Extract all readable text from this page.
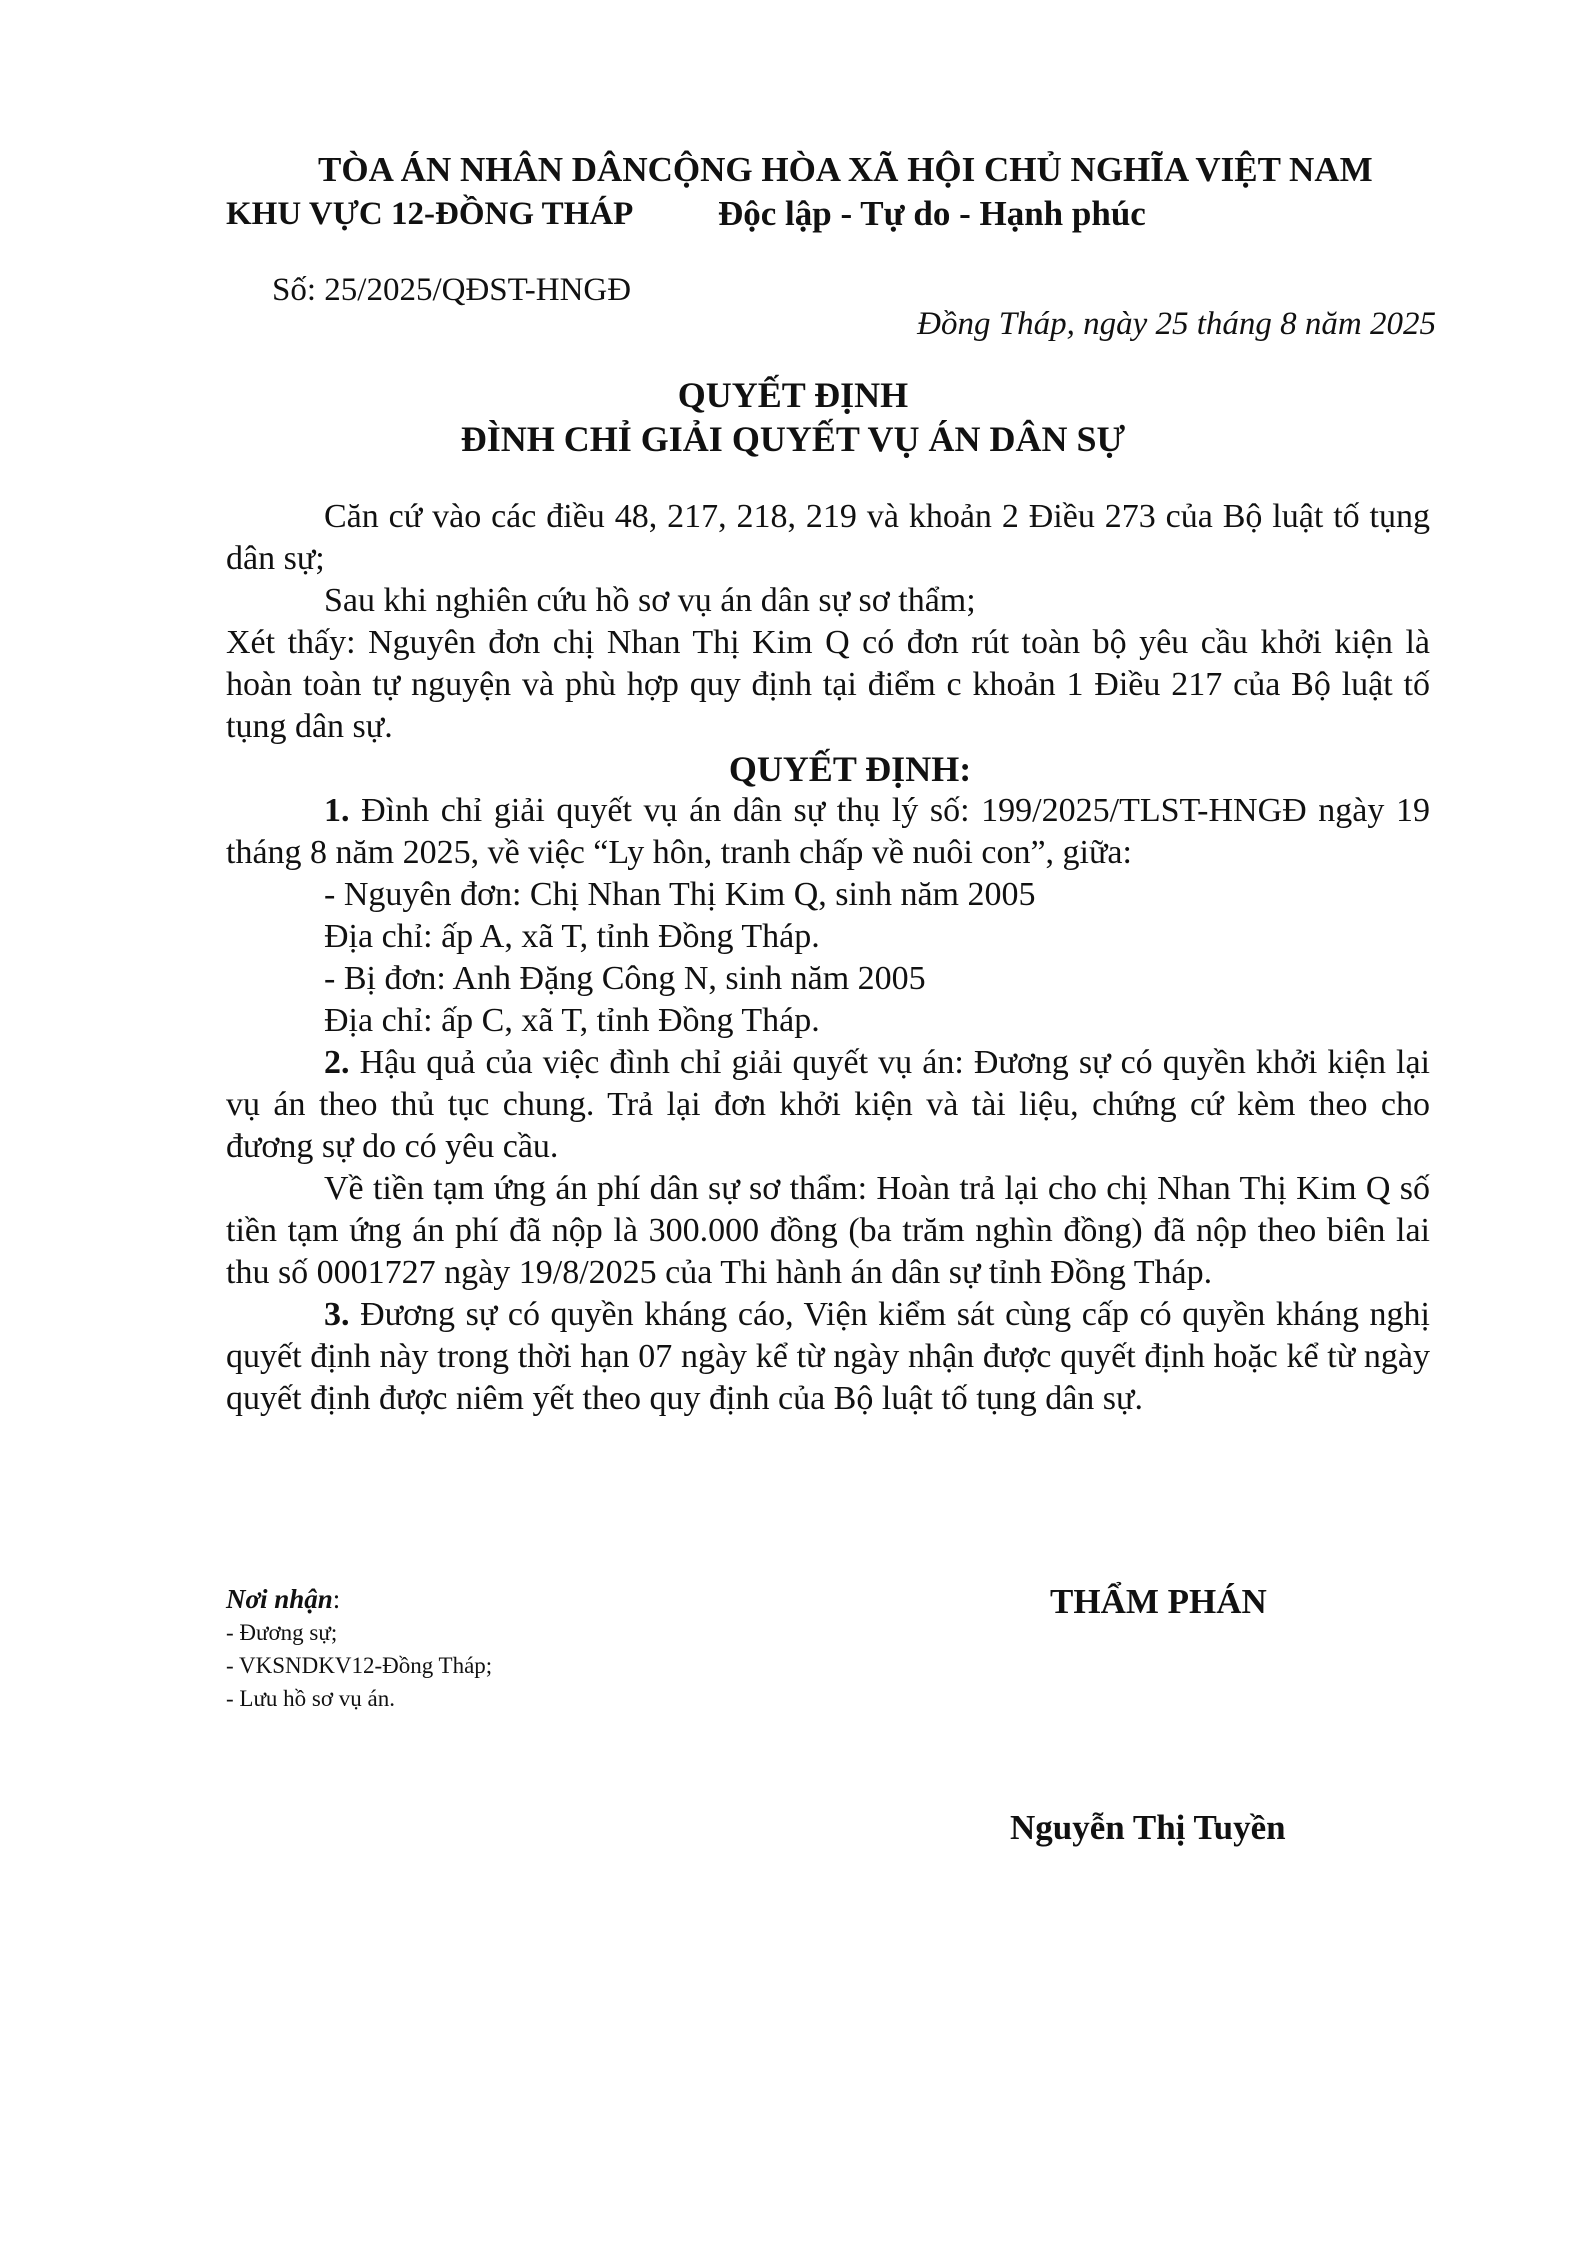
TÒA ÁN NHÂN DÂNCỘNG HÒA XÃ HỘI CHỦ NGHĨA VIỆT NAM
KHU VỰC 12-ĐỒNG THÁP Độc lập - Tự do - Hạnh phúc
Số: 25/2025/QĐST-HNGĐ
Đồng Tháp, ngày 25 tháng 8 năm 2025
QUYẾT ĐỊNH
ĐÌNH CHỈ GIẢI QUYẾT VỤ ÁN DÂN SỰ

Căn cứ vào các điều 48, 217, 218, 219 và khoản 2 Điều 273 của Bộ luật tố tụng dân sự;

Sau khi nghiên cứu hồ sơ vụ án dân sự sơ thẩm;

Xét thấy: Nguyên đơn chị Nhan Thị Kim Q có đơn rút toàn bộ yêu cầu khởi kiện là hoàn toàn tự nguyện và phù hợp quy định tại điểm c khoản 1 Điều 217 của Bộ luật tố tụng dân sự.

QUYẾT ĐỊNH:

1. Đình chỉ giải quyết vụ án dân sự thụ lý số: 199/2025/TLST-HNGĐ ngày 19 tháng 8 năm 2025, về việc “Ly hôn, tranh chấp về nuôi con”, giữa:

- Nguyên đơn: Chị Nhan Thị Kim Q, sinh năm 2005

Địa chỉ: ấp A, xã T, tỉnh Đồng Tháp.

- Bị đơn: Anh Đặng Công N, sinh năm 2005

Địa chỉ: ấp C, xã T, tỉnh Đồng Tháp.

2. Hậu quả của việc đình chỉ giải quyết vụ án: Đương sự có quyền khởi kiện lại vụ án theo thủ tục chung. Trả lại đơn khởi kiện và tài liệu, chứng cứ kèm theo cho đương sự do có yêu cầu.

Về tiền tạm ứng án phí dân sự sơ thẩm: Hoàn trả lại cho chị Nhan Thị Kim Q số tiền tạm ứng án phí đã nộp là 300.000 đồng (ba trăm nghìn đồng) đã nộp theo biên lai thu số 0001727 ngày 19/8/2025 của Thi hành án dân sự tỉnh Đồng Tháp.

3. Đương sự có quyền kháng cáo, Viện kiểm sát cùng cấp có quyền kháng nghị quyết định này trong thời hạn 07 ngày kể từ ngày nhận được quyết định hoặc kể từ ngày quyết định được niêm yết theo quy định của Bộ luật tố tụng dân sự.

Nơi nhận:
- Đương sự;
- VKSNDKV12-Đồng Tháp;
- Lưu hồ sơ vụ án.
THẨM PHÁN
Nguyễn Thị Tuyền
